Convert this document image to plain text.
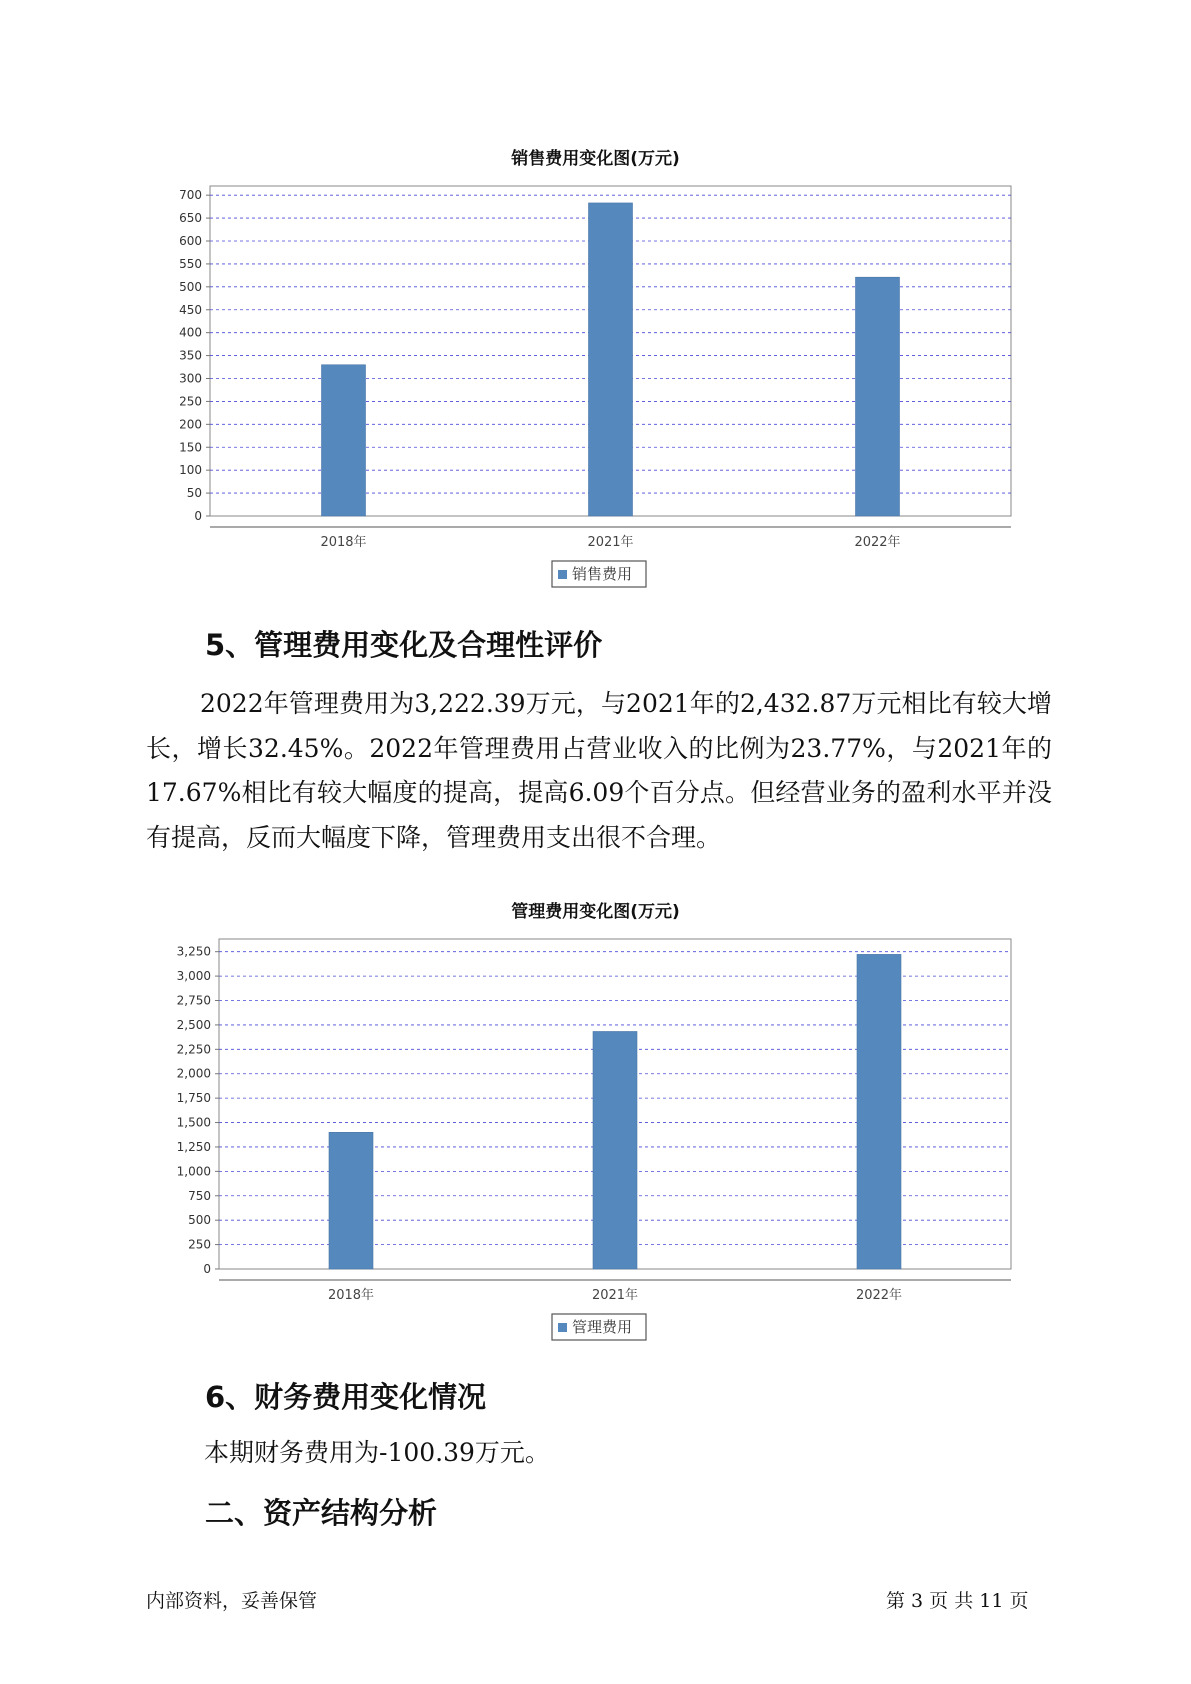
销售费用变化图(万元)
0
50
100
150
200
250
300
350
400
450
500
550
600
650
700
2018年	2021年	2022年
销售费用
5、管理费用变化及合理性评价

2022年管理费用为3,222.39万元，与2021年的2,432.87万元相比有较大增长，增长32.45%。2022年管理费用占营业收入的比例为23.77%，与2021年的17.67%相比有较大幅度的提高，提高6.09个百分点。但经营业务的盈利水平并没有提高，反而大幅度下降，管理费用支出很不合理。

管理费用变化图(万元)
0
250
500
750
1,000
1,250
1,500
1,750
2,000
2,250
2,500
2,750
3,000
3,250
2018年	2021年	2022年
管理费用
6、财务费用变化情况

本期财务费用为-100.39万元。

二、资产结构分析
内部资料，妥善保管	第 3 页 共 11 页
